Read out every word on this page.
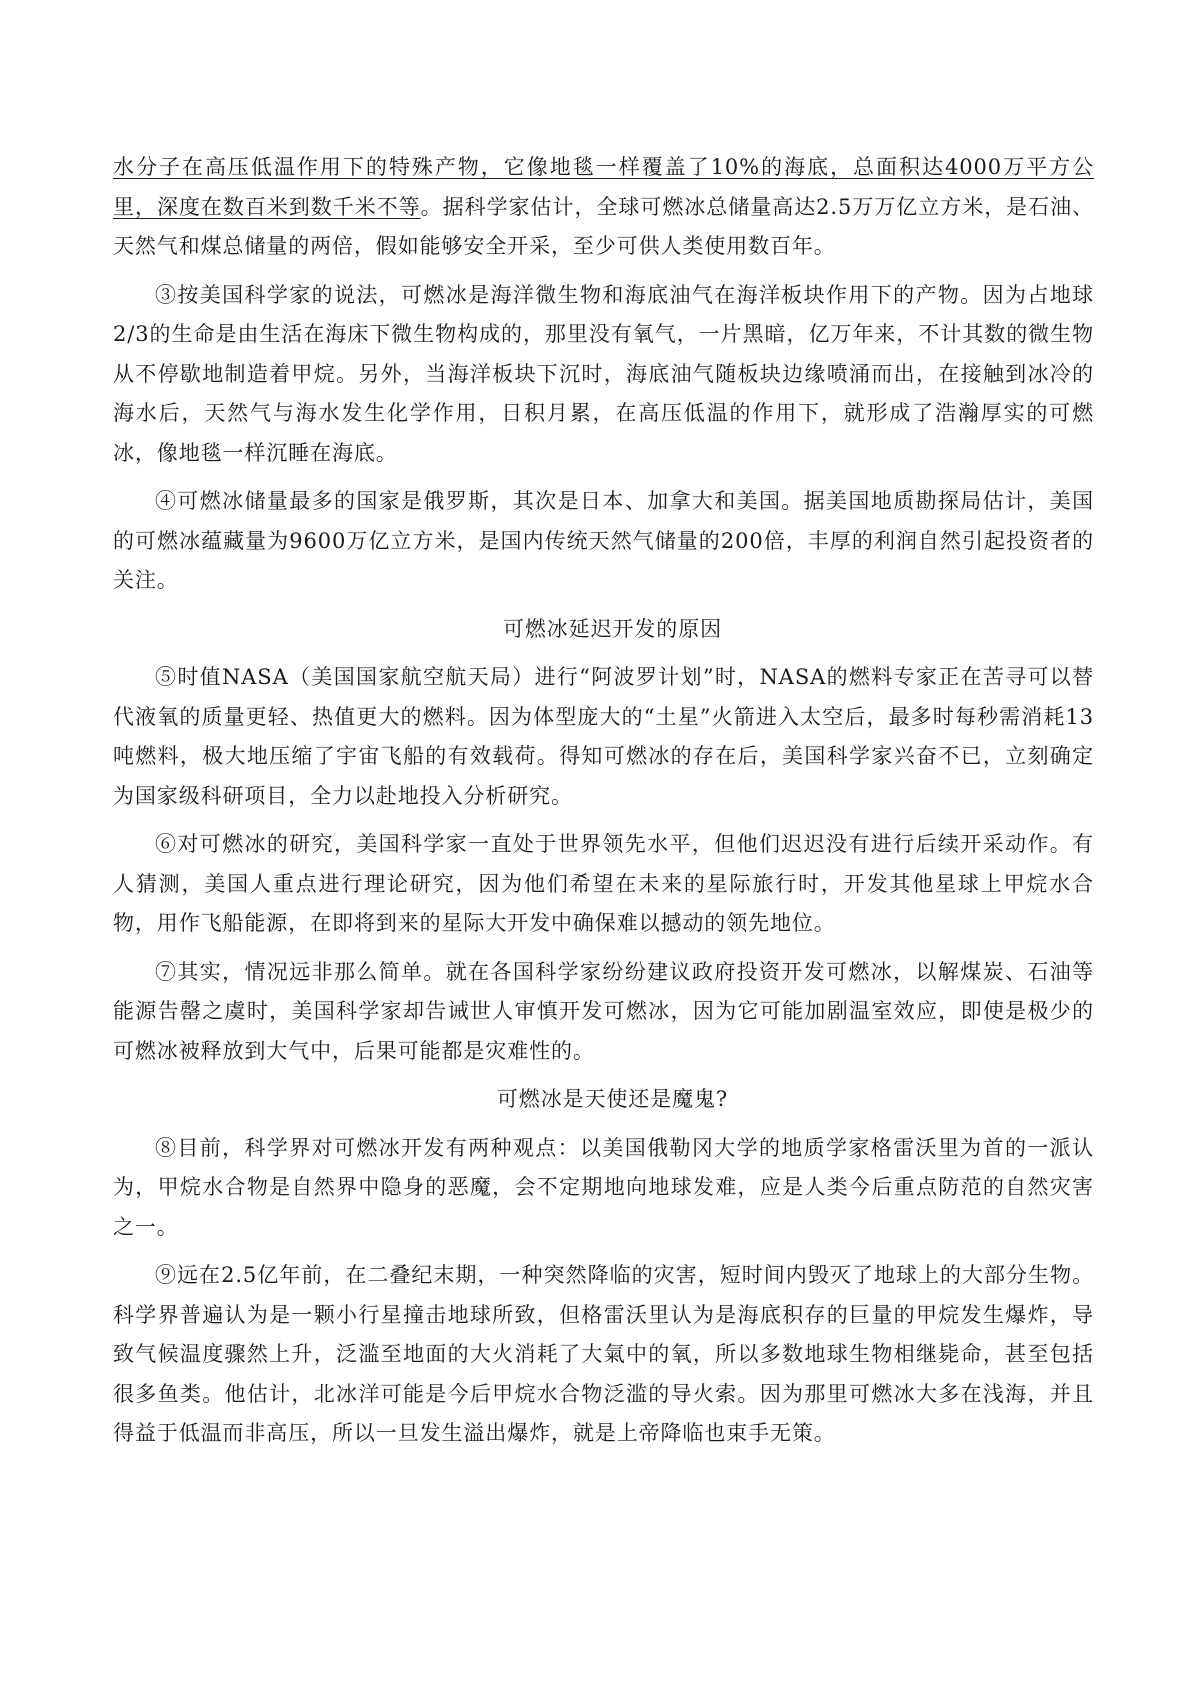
水分子在高压低温作用下的特殊产物，它像地毯一样覆盖了10%的海底，总面积达4000万平方公里，深度在数百米到数千米不等。据科学家估计，全球可燃冰总储量高达2.5万万亿立方米，是石油、天然气和煤总储量的两倍，假如能够安全开采，至少可供人类使用数百年。

③按美国科学家的说法，可燃冰是海洋微生物和海底油气在海洋板块作用下的产物。因为占地球2/3的生命是由生活在海床下微生物构成的，那里没有氧气，一片黑暗，亿万年来，不计其数的微生物从不停歇地制造着甲烷。另外，当海洋板块下沉时，海底油气随板块边缘喷涌而出，在接触到冰冷的海水后，天然气与海水发生化学作用，日积月累，在高压低温的作用下，就形成了浩瀚厚实的可燃冰，像地毯一样沉睡在海底。

④可燃冰储量最多的国家是俄罗斯，其次是日本、加拿大和美国。据美国地质勘探局估计，美国的可燃冰蕴藏量为9600万亿立方米，是国内传统天然气储量的200倍，丰厚的利润自然引起投资者的关注。

可燃冰延迟开发的原因

⑤时值NASA（美国国家航空航天局）进行“阿波罗计划”时，NASA的燃料专家正在苦寻可以替代液氧的质量更轻、热值更大的燃料。因为体型庞大的“土星”火箭进入太空后，最多时每秒需消耗13吨燃料，极大地压缩了宇宙飞船的有效载荷。得知可燃冰的存在后，美国科学家兴奋不已，立刻确定为国家级科研项目，全力以赴地投入分析研究。

⑥对可燃冰的研究，美国科学家一直处于世界领先水平，但他们迟迟没有进行后续开采动作。有人猜测，美国人重点进行理论研究，因为他们希望在未来的星际旅行时，开发其他星球上甲烷水合物，用作飞船能源，在即将到来的星际大开发中确保难以撼动的领先地位。

⑦其实，情况远非那么简单。就在各国科学家纷纷建议政府投资开发可燃冰，以解煤炭、石油等能源告罄之虞时，美国科学家却告诫世人审慎开发可燃冰，因为它可能加剧温室效应，即使是极少的可燃冰被释放到大气中，后果可能都是灾难性的。

可燃冰是天使还是魔鬼?

⑧目前，科学界对可燃冰开发有两种观点：以美国俄勒冈大学的地质学家格雷沃里为首的一派认为，甲烷水合物是自然界中隐身的恶魔，会不定期地向地球发难，应是人类今后重点防范的自然灾害之一。

⑨远在2.5亿年前，在二叠纪末期，一种突然降临的灾害，短时间内毁灭了地球上的大部分生物。科学界普遍认为是一颗小行星撞击地球所致，但格雷沃里认为是海底积存的巨量的甲烷发生爆炸，导致气候温度骤然上升，泛滥至地面的大火消耗了大氣中的氧，所以多数地球生物相继毙命，甚至包括很多鱼类。他估计，北冰洋可能是今后甲烷水合物泛滥的导火索。因为那里可燃冰大多在浅海，并且得益于低温而非高压，所以一旦发生溢出爆炸，就是上帝降临也束手无策。
